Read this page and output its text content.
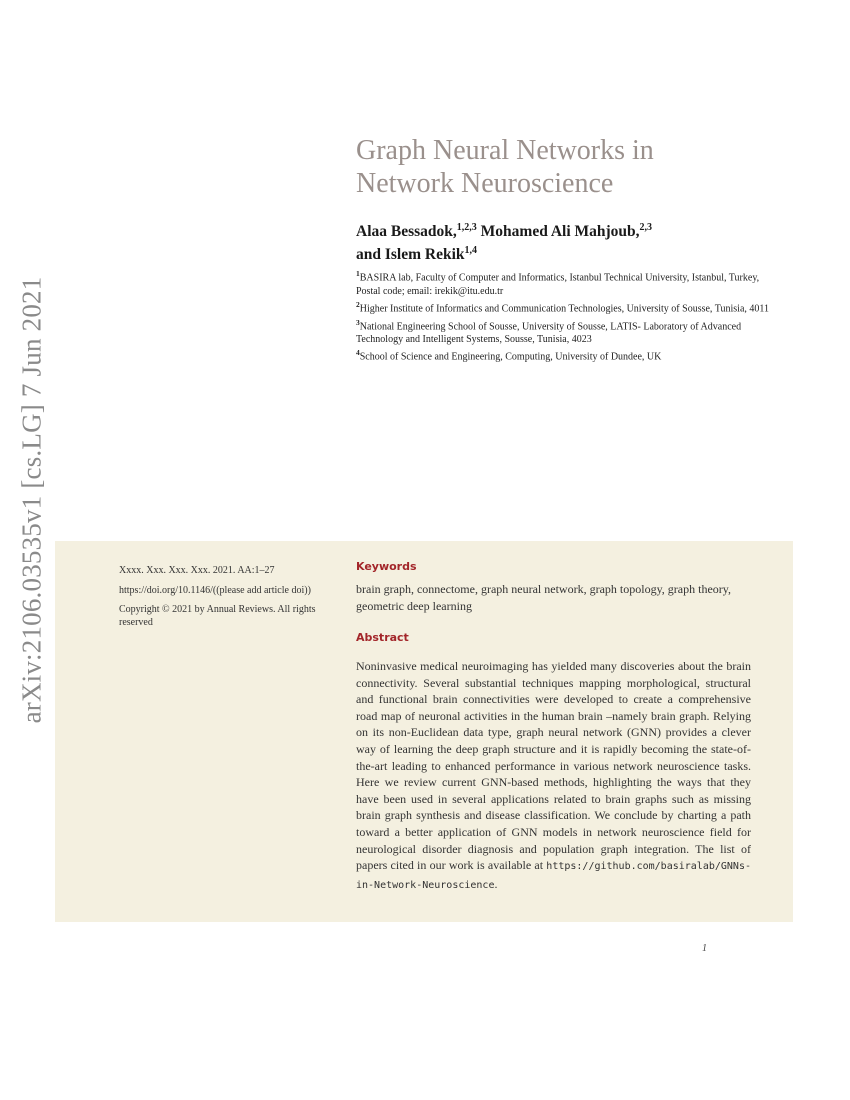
arXiv:2106.03535v1 [cs.LG] 7 Jun 2021
Graph Neural Networks in
Network Neuroscience
Alaa Bessadok,$^{1,2,3}$ Mohamed Ali Mahjoub,$^{2,3}$
and Islem Rekik$^{1,4}$
$^1$BASIRA lab, Faculty of Computer and Informatics, Istanbul Technical University, Istanbul, Turkey, Postal code; email: irekik@itu.edu.tr
$^2$Higher Institute of Informatics and Communication Technologies, University of Sousse, Tunisia, 4011
$^3$National Engineering School of Sousse, University of Sousse, LATIS- Laboratory of Advanced Technology and Intelligent Systems, Sousse, Tunisia, 4023
$^4$School of Science and Engineering, Computing, University of Dundee, UK

Xxxx. Xxx. Xxx. Xxx. 2021. AA:1–27

https://doi.org/10.1146/((please add article doi))

Copyright © 2021 by Annual Reviews. All rights reserved

Keywords
brain graph, connectome, graph neural network, graph topology, graph theory, geometric deep learning
Abstract
Noninvasive medical neuroimaging has yielded many discoveries about the brain connectivity. Several substantial techniques mapping morphological, structural and functional brain connectivities were developed to create a comprehensive road map of neuronal activities in the human brain –namely brain graph. Relying on its non-Euclidean data type, graph neural network (GNN) provides a clever way of learning the deep graph structure and it is rapidly becoming the state-of-the-art leading to enhanced performance in various network neuroscience tasks. Here we review current GNN-based methods, highlighting the ways that they have been used in several applications related to brain graphs such as missing brain graph synthesis and disease classification. We conclude by charting a path toward a better application of GNN models in network neuroscience field for neurological disorder diagnosis and population graph integration. The list of papers cited in our work is available at https://github.com/basiralab/GNNs-in-Network-Neuroscience.
1
